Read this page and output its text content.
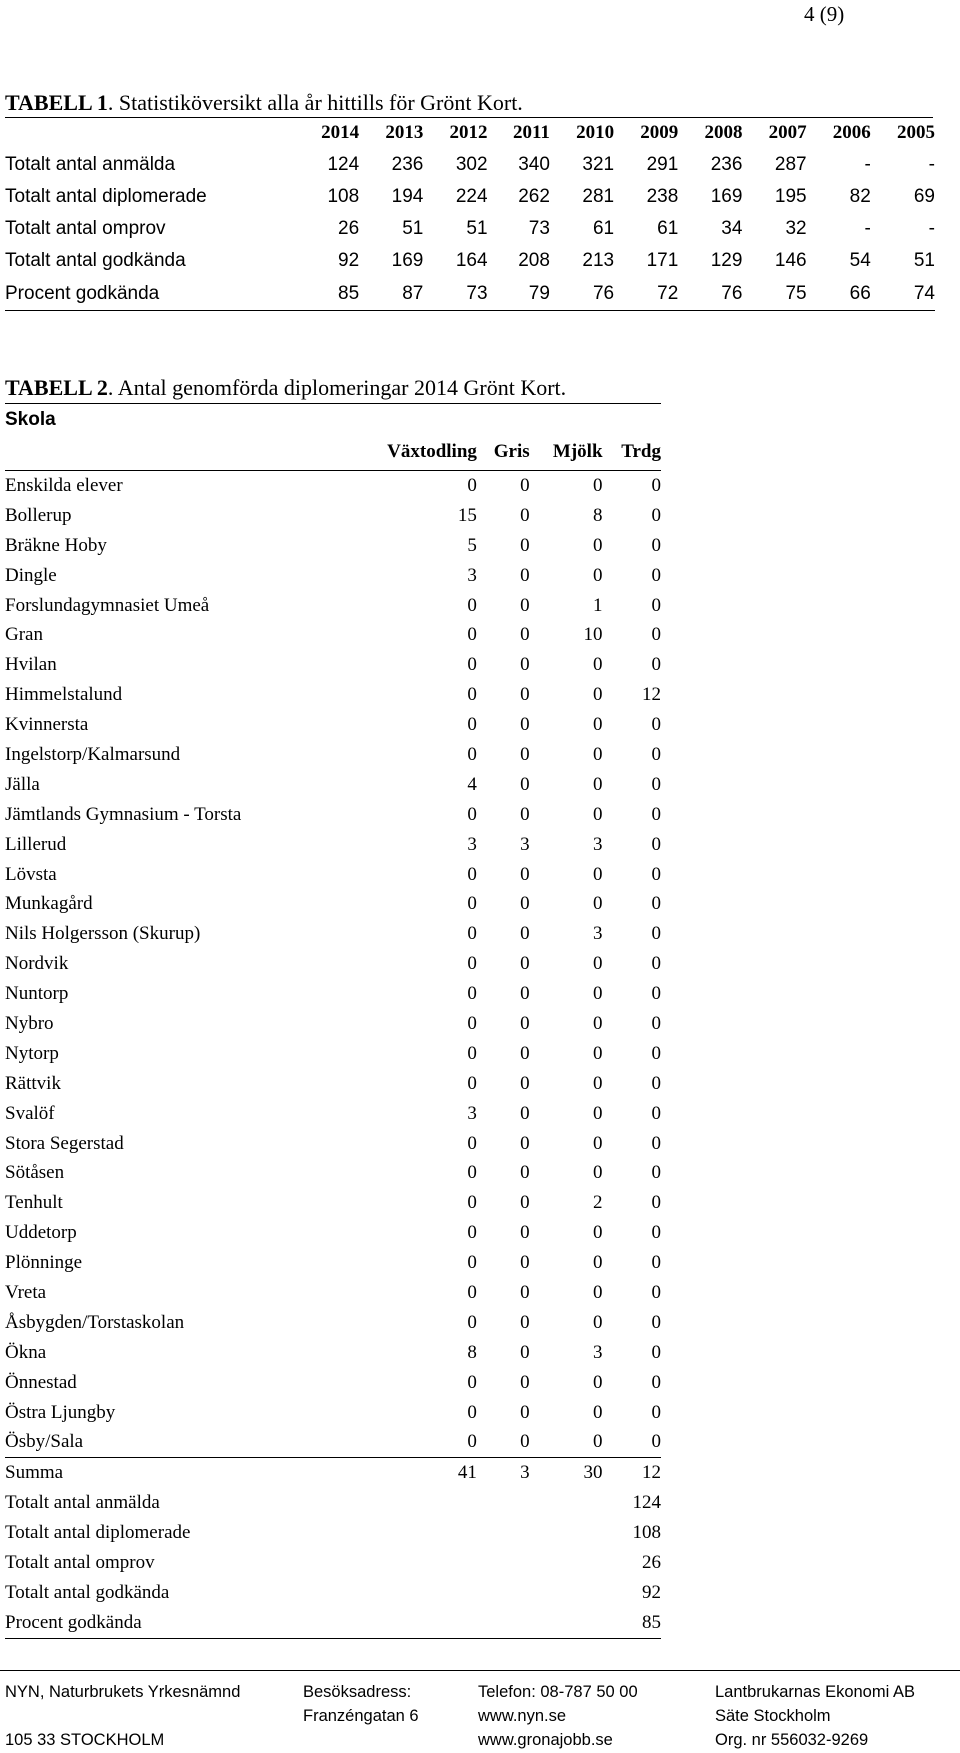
4 (9)
TABELL 1. Statistiköversikt alla år hittills för Grönt Kort.
	2014	2013	2012	2011	2010	2009	2008	2007	2006	2005
Totalt antal anmälda	124	236	302	340	321	291	236	287	-	-
Totalt antal diplomerade	108	194	224	262	281	238	169	195	82	69
Totalt antal omprov	26	51	51	73	61	61	34	32	-	-
Totalt antal godkända	92	169	164	208	213	171	129	146	54	51
Procent godkända	85	87	73	79	76	72	76	75	66	74
TABELL 2. Antal genomförda diplomeringar 2014 Grönt Kort.
Skola
	Växtodling	Gris	Mjölk	Trdg
Enskilda elever	0	0	0	0
Bollerup	15	0	8	0
Bräkne Hoby	5	0	0	0
Dingle	3	0	0	0
Forslundagymnasiet Umeå	0	0	1	0
Gran	0	0	10	0
Hvilan	0	0	0	0
Himmelstalund	0	0	0	12
Kvinnersta	0	0	0	0
Ingelstorp/Kalmarsund	0	0	0	0
Jälla	4	0	0	0
Jämtlands Gymnasium - Torsta	0	0	0	0
Lillerud	3	3	3	0
Lövsta	0	0	0	0
Munkagård	0	0	0	0
Nils Holgersson (Skurup)	0	0	3	0
Nordvik	0	0	0	0
Nuntorp	0	0	0	0
Nybro	0	0	0	0
Nytorp	0	0	0	0
Rättvik	0	0	0	0
Svalöf	3	0	0	0
Stora Segerstad	0	0	0	0
Sötåsen	0	0	0	0
Tenhult	0	0	2	0
Uddetorp	0	0	0	0
Plönninge	0	0	0	0
Vreta	0	0	0	0
Åsbygden/Torstaskolan	0	0	0	0
Ökna	8	0	3	0
Önnestad	0	0	0	0
Östra Ljungby	0	0	0	0
Ösby/Sala	0	0	0	0
Summa	41	3	30	12
Totalt antal anmälda				124
Totalt antal diplomerade				108
Totalt antal omprov				26
Totalt antal godkända				92
Procent godkända				85
NYN, Naturbrukets Yrkesnämnd

105 33 STOCKHOLM
Besöksadress:
Franzéngatan 6

Telefon: 08-787 50 00
www.nyn.se
www.gronajobb.se
Lantbrukarnas Ekonomi AB
Säte Stockholm
Org. nr 556032-9269
